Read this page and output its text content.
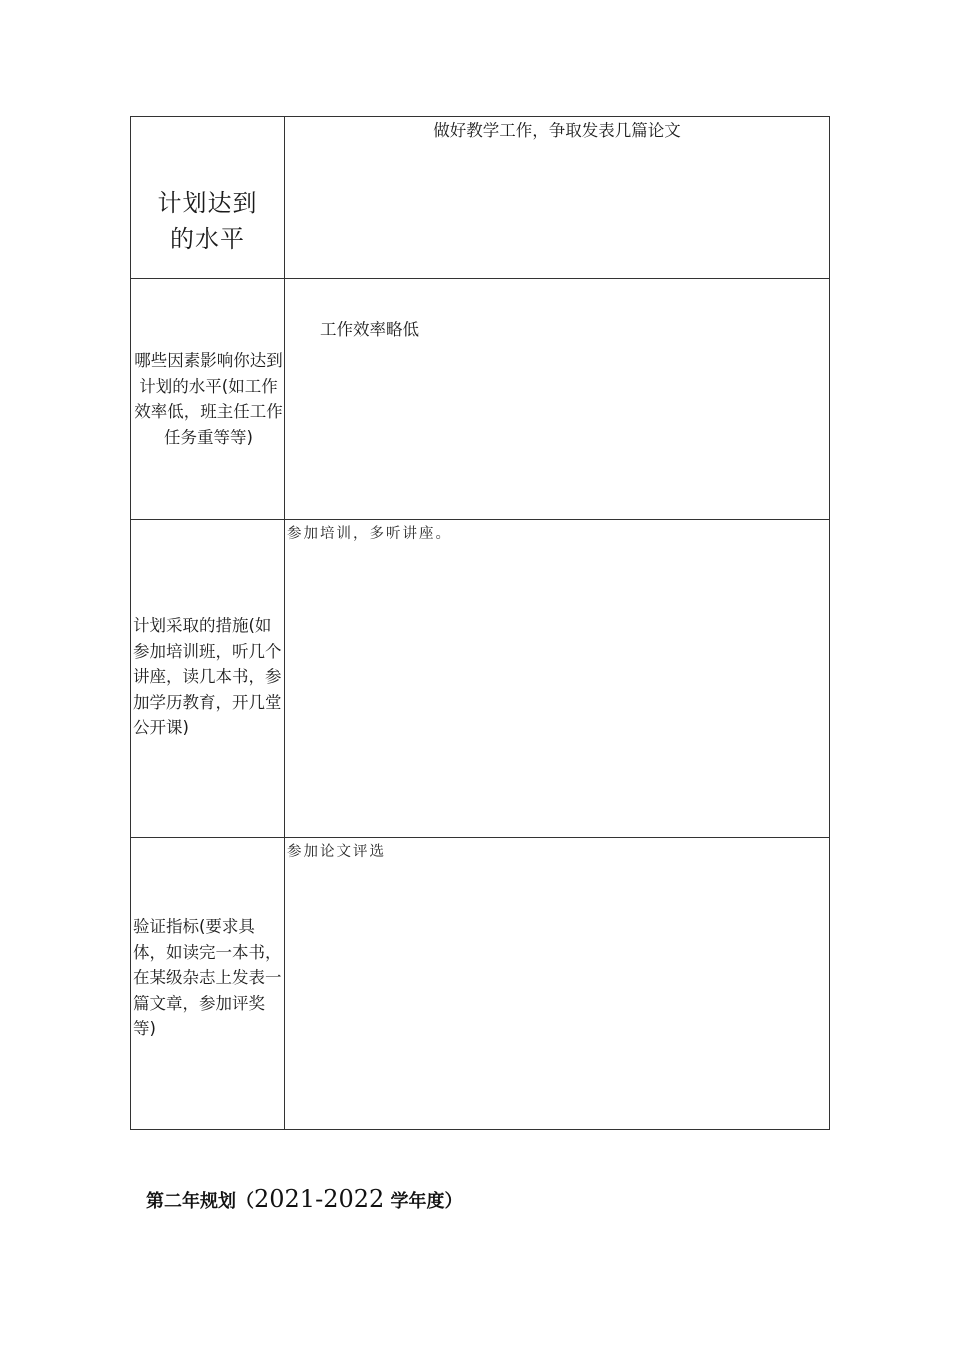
计划达到
的水平	做好教学工作，争取发表几篇论文

哪些因素影响你达到
计划的水平(如工作
效率低，班主任工作
任务重等等)	工作效率略低

计划采取的措施(如
参加培训班，听几个
讲座，读几本书，参
加学历教育，开几堂
公开课)	参加培训，多听讲座。

验证指标(要求具
体，如读完一本书，
在某级杂志上发表一
篇文章，参加评奖
等)	参加论文评选
第二年规划（2021-2022 学年度）
